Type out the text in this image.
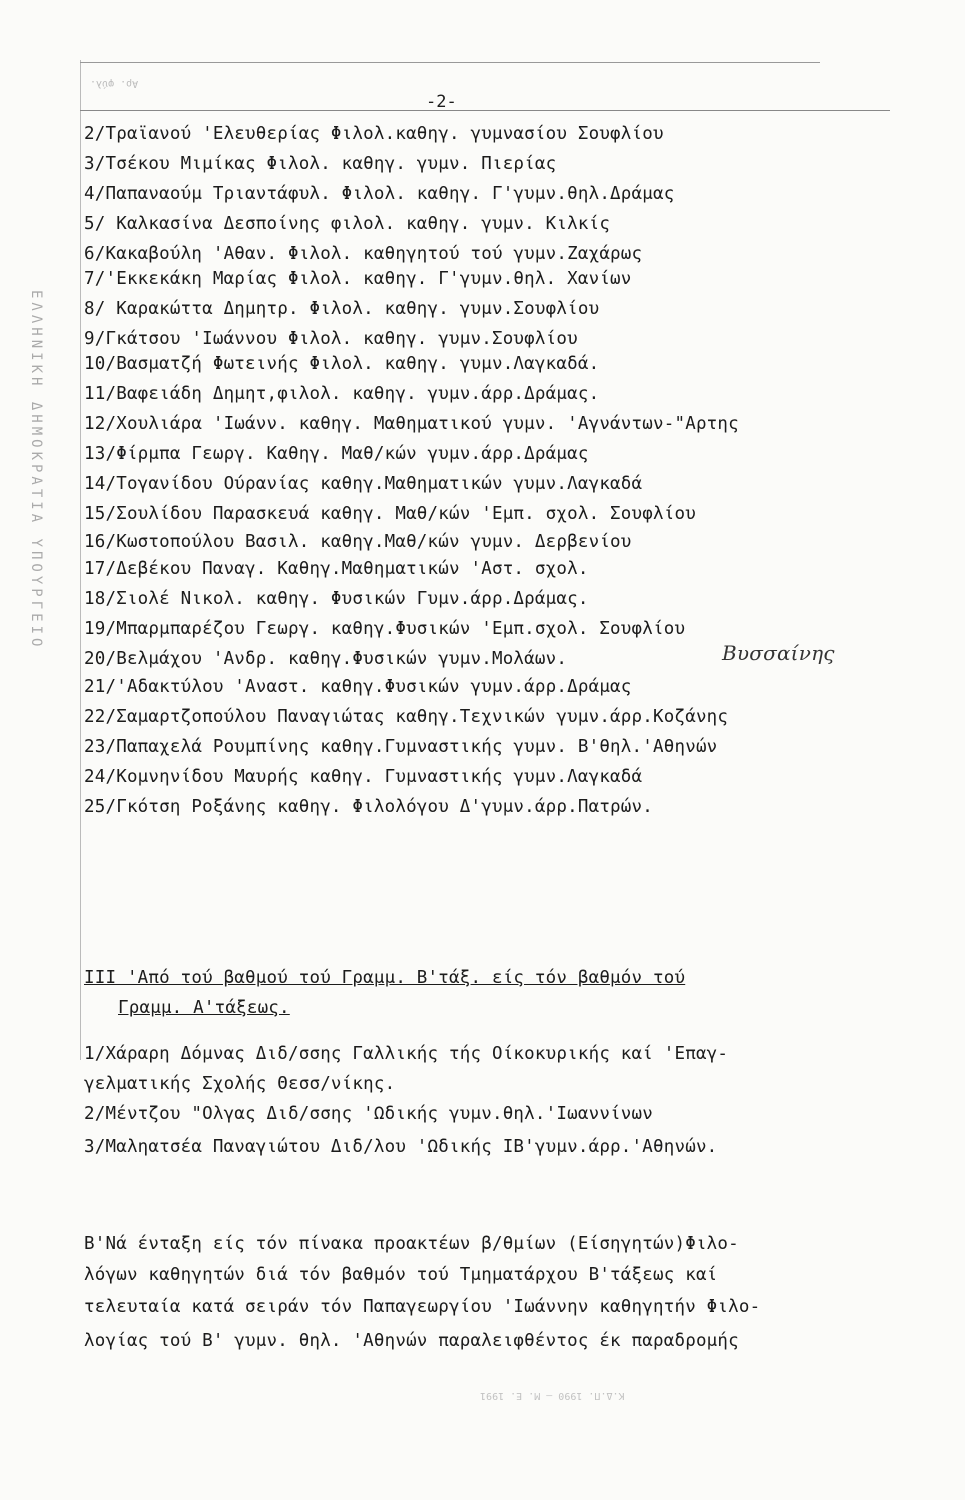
ΕΛΛΗΝΙΚΗ ΔΗΜΟΚΡΑΤΙΑ ΥΠΟΥΡΓΕΙΟ
Αρ. φύλ.
-2-
2/Τραϊανού 'Ελευθερίας Φιλολ.καθηγ. γυμνασίου Σουφλίου
3/Τσέκου Μιμίκας Φιλολ. καθηγ. γυμν. Πιερίας
4/Παπαναούμ Τριαντάφυλ. Φιλολ. καθηγ. Γ'γυμν.θηλ.Δράμας
5/ Καλκασίνα Δεσποίνης φιλολ. καθηγ. γυμν. Κιλκίς
6/Κακαβούλη 'Αθαν. Φιλολ. καθηγητού τού γυμν.Ζαχάρως
7/'Εκκεκάκη Μαρίας Φιλολ. καθηγ. Γ'γυμν.θηλ. Χανίων
8/ Καρακώττα Δημητρ. Φιλολ. καθηγ. γυμν.Σουφλίου
9/Γκάτσου 'Ιωάννου Φιλολ. καθηγ. γυμν.Σουφλίου
10/Βασματζή Φωτεινής Φιλολ. καθηγ. γυμν.Λαγκαδά.
11/Βαφειάδη Δημητ,φιλολ. καθηγ. γυμν.άρρ.Δράμας.
12/Χουλιάρα 'Ιωάνν. καθηγ. Μαθηματικού γυμν. 'Αγνάντων-"Αρτης
13/Φίρμπα Γεωργ. Καθηγ. Μαθ/κών γυμν.άρρ.Δράμας
14/Τογανίδου Ούρανίας καθηγ.Μαθηματικών γυμν.Λαγκαδά
15/Σουλίδου Παρασκευά καθηγ. Μαθ/κών 'Εμπ. σχολ. Σουφλίου
16/Κωστοπούλου Βασιλ. καθηγ.Μαθ/κών γυμν. Δερβενίου
17/Δεβέκου Παναγ. Καθηγ.Μαθηματικών 'Αστ. σχολ.
18/Σιολέ Νικολ. καθηγ. Φυσικών Γυμν.άρρ.Δράμας.
19/Μπαρμπαρέζου Γεωργ. καθηγ.Φυσικών 'Εμπ.σχολ. Σουφλίου
20/Βελμάχου 'Ανδρ. καθηγ.Φυσικών γυμν.Μολάων.
21/'Αδακτύλου 'Αναστ. καθηγ.Φυσικών γυμν.άρρ.Δράμας
22/Σαμαρτζοπούλου Παναγιώτας καθηγ.Τεχνικών γυμν.άρρ.Κοζάνης
23/Παπαχελά Ρουμπίνης καθηγ.Γυμναστικής γυμν. Β'θηλ.'Αθηνών
24/Κομνηνίδου Μαυρής καθηγ. Γυμναστικής γυμν.Λαγκαδά
25/Γκότση Ροξάνης καθηγ. Φιλολόγου Δ'γυμν.άρρ.Πατρών.
Βυσσαίνης
ΙΙΙ 'Από τού βαθμού τού Γραμμ. Β'τάξ. είς τόν βαθμόν τού
Γραμμ. Α'τάξεως.
1/Χάραρη Δόμνας Διδ/σσης Γαλλικής τής Οίκοκυρικής καί 'Επαγ-
γελματικής Σχολής Θεσσ/νίκης.
2/Μέντζου "Ολγας Διδ/σσης 'Ωδικής γυμν.θηλ.'Ιωαννίνων
3/Μαληατσέα Παναγιώτου Διδ/λου 'Ωδικής ΙΒ'γυμν.άρρ.'Αθηνών.
Β'Νά ένταξη είς τόν πίνακα προακτέων β/θμίων (Είσηγητών)Φιλο-
λόγων καθηγητών διά τόν βαθμόν τού Τμηματάρχου Β'τάξεως καί
τελευταία κατά σειράν τόν Παπαγεωργίου 'Ιωάννην καθηγητήν Φιλο-
λογίας τού Β' γυμν. θηλ. 'Αθηνών παραλειφθέντος έκ παραδρομής
Κ.Δ.Π. 1990 — Μ. Ε. 1991
